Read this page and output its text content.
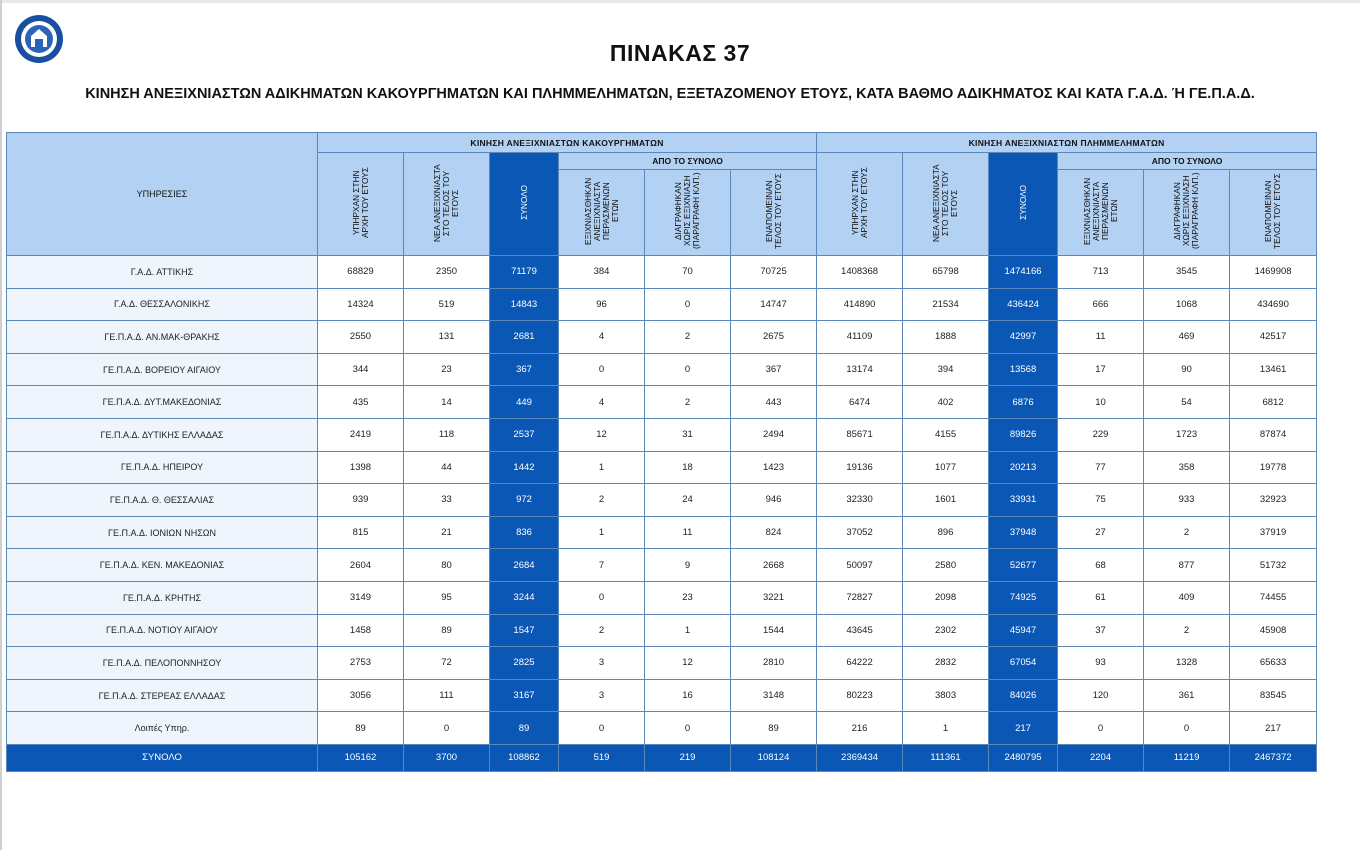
ΠΙΝΑΚΑΣ 37
ΚΙΝΗΣΗ ΑΝΕΞΙΧΝΙΑΣΤΩΝ ΑΔΙΚΗΜΑΤΩΝ ΚΑΚΟΥΡΓΗΜΑΤΩΝ ΚΑΙ ΠΛΗΜΜΕΛΗΜΑΤΩΝ, ΕΞΕΤΑΖΟΜΕΝΟΥ ΕΤΟΥΣ, ΚΑΤΑ ΒΑΘΜΟ ΑΔΙΚΗΜΑΤΟΣ ΚΑΙ ΚΑΤΑ Γ.Α.Δ. Ή ΓΕ.Π.Α.Δ.
ΥΠΗΡΕΣΙΕΣ	ΚΙΝΗΣΗ ΑΝΕΞΙΧΝΙΑΣΤΩΝ ΚΑΚΟΥΡΓΗΜΑΤΩΝ						ΚΙΝΗΣΗ ΑΝΕΞΙΧΝΙΑΣΤΩΝ ΠΛΗΜΜΕΛΗΜΑΤΩΝ					
	ΥΠΗΡΧΑΝ ΣΤΗΝ ΑΡΧΗ ΤΟΥ ΕΤΟΥΣ	ΝΕΑ ΑΝΕΞΙΧΝΙΑΣΤΑ ΣΤΟ ΤΕΛΟΣ ΤΟΥ ΕΤΟΥΣ	ΣΥΝΟΛΟ	ΑΠΟ ΤΟ ΣΥΝΟΛΟ			ΥΠΗΡΧΑΝ ΣΤΗΝ ΑΡΧΗ ΤΟΥ ΕΤΟΥΣ	ΝΕΑ ΑΝΕΞΙΧΝΙΑΣΤΑ ΣΤΟ ΤΕΛΟΣ ΤΟΥ ΕΤΟΥΣ	ΣΥΝΟΛΟ	ΑΠΟ ΤΟ ΣΥΝΟΛΟ		
				ΕΞΙΧΝΙΑΣΘΗΚΑΝ ΑΝΕΞΙΧΝΙΑΣΤΑ ΠΕΡΑΣΜΕΝΩΝ ΕΤΩΝ	ΔΙΑΓΡΑΦΗΚΑΝ ΧΩΡΙΣ ΕΞΙΧΝΙΑΣΗ (ΠΑΡΑΓΡΑΦΗ ΚΛΠ.)	ΕΝΑΠΟΜΕΙΝΑΝ ΤΕΛΟΣ ΤΟΥ ΕΤΟΥΣ				ΕΞΙΧΝΙΑΣΘΗΚΑΝ ΑΝΕΞΙΧΝΙΑΣΤΑ ΠΕΡΑΣΜΕΝΩΝ ΕΤΩΝ	ΔΙΑΓΡΑΦΗΚΑΝ ΧΩΡΙΣ ΕΞΙΧΝΙΑΣΗ (ΠΑΡΑΓΡΑΦΗ ΚΛΠ.)	ΕΝΑΠΟΜΕΙΝΑΝ ΤΕΛΟΣ ΤΟΥ ΕΤΟΥΣ
Γ.Α.Δ. ΑΤΤΙΚΗΣ	68829	2350	71179	384	70	70725	1408368	65798	1474166	713	3545	1469908
Γ.Α.Δ. ΘΕΣΣΑΛΟΝΙΚΗΣ	14324	519	14843	96	0	14747	414890	21534	436424	666	1068	434690
ΓΕ.Π.Α.Δ. ΑΝ.ΜΑΚ-ΘΡΑΚΗΣ	2550	131	2681	4	2	2675	41109	1888	42997	11	469	42517
ΓΕ.Π.Α.Δ. ΒΟΡΕΙΟΥ ΑΙΓΑΙΟΥ	344	23	367	0	0	367	13174	394	13568	17	90	13461
ΓΕ.Π.Α.Δ. ΔΥΤ.ΜΑΚΕΔΟΝΙΑΣ	435	14	449	4	2	443	6474	402	6876	10	54	6812
ΓΕ.Π.Α.Δ. ΔΥΤΙΚΗΣ ΕΛΛΑΔΑΣ	2419	118	2537	12	31	2494	85671	4155	89826	229	1723	87874
ΓΕ.Π.Α.Δ. ΗΠΕΙΡΟΥ	1398	44	1442	1	18	1423	19136	1077	20213	77	358	19778
ΓΕ.Π.Α.Δ. Θ. ΘΕΣΣΑΛΙΑΣ	939	33	972	2	24	946	32330	1601	33931	75	933	32923
ΓΕ.Π.Α.Δ. ΙΟΝΙΩΝ ΝΗΣΩΝ	815	21	836	1	11	824	37052	896	37948	27	2	37919
ΓΕ.Π.Α.Δ. ΚΕΝ. ΜΑΚΕΔΟΝΙΑΣ	2604	80	2684	7	9	2668	50097	2580	52677	68	877	51732
ΓΕ.Π.Α.Δ. ΚΡΗΤΗΣ	3149	95	3244	0	23	3221	72827	2098	74925	61	409	74455
ΓΕ.Π.Α.Δ. ΝΟΤΙΟΥ ΑΙΓΑΙΟΥ	1458	89	1547	2	1	1544	43645	2302	45947	37	2	45908
ΓΕ.Π.Α.Δ. ΠΕΛΟΠΟΝΝΗΣΟΥ	2753	72	2825	3	12	2810	64222	2832	67054	93	1328	65633
ΓΕ.Π.Α.Δ. ΣΤΕΡΕΑΣ ΕΛΛΑΔΑΣ	3056	111	3167	3	16	3148	80223	3803	84026	120	361	83545
Λοιπές Υπηρ.	89	0	89	0	0	89	216	1	217	0	0	217
ΣΥΝΟΛΟ	105162	3700	108862	519	219	108124	2369434	111361	2480795	2204	11219	2467372
